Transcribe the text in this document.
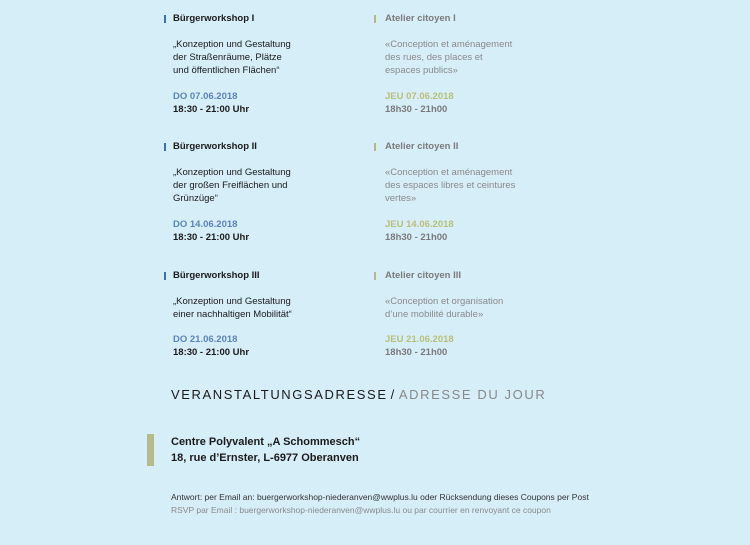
Bürgerworkshop I
„Konzeption und Gestaltung
der Straßenräume, Plätze
und öffentlichen Flächen“
DO 07.06.2018
18:30 - 21:00 Uhr
Atelier citoyen I
«Conception et aménagement
des rues, des places et
espaces publics»
JEU 07.06.2018
18h30 - 21h00
Bürgerworkshop II
„Konzeption und Gestaltung
der großen Freiflächen und
Grünzüge“
DO 14.06.2018
18:30 - 21:00 Uhr
Atelier citoyen II
«Conception et aménagement
des espaces libres et ceintures
vertes»
JEU 14.06.2018
18h30 - 21h00
Bürgerworkshop III
„Konzeption und Gestaltung
einer nachhaltigen Mobilität“
DO 21.06.2018
18:30 - 21:00 Uhr
Atelier citoyen III
«Conception et organisation
d’une mobilité durable»
JEU 21.06.2018
18h30 - 21h00
VERANSTALTUNGSADRESSE / ADRESSE DU JOUR
Centre Polyvalent „A Schommesch“
18, rue d’Ernster, L-6977 Oberanven
Antwort: per Email an: buergerworkshop-niederanven@wwplus.lu oder Rücksendung dieses Coupons per Post
RSVP par Email : buergerworkshop-niederanven@wwplus.lu ou par courrier en renvoyant ce coupon
